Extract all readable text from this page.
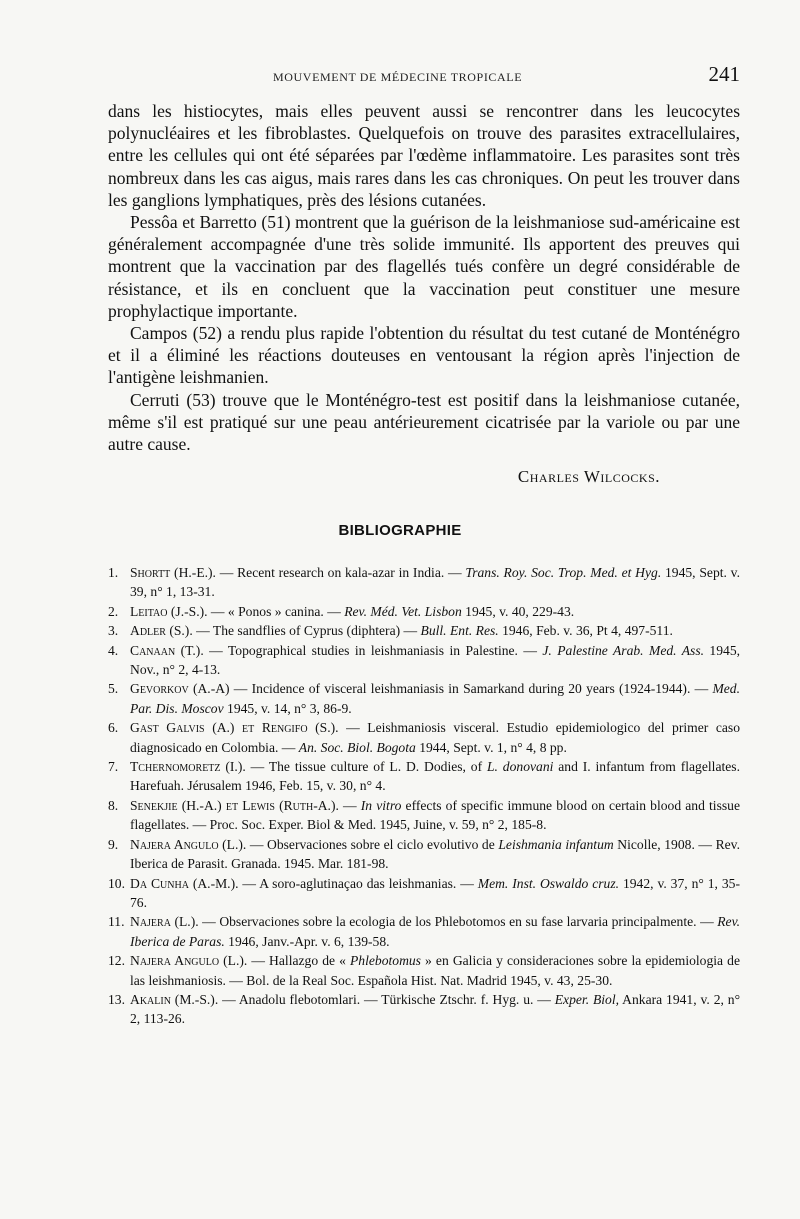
MOUVEMENT DE MÉDECINE TROPICALE	241

dans les histiocytes, mais elles peuvent aussi se rencontrer dans les leucocytes polynucléaires et les fibroblastes. Quelquefois on trouve des parasites extracellulaires, entre les cellules qui ont été séparées par l'œdème inflammatoire. Les parasites sont très nombreux dans les cas aigus, mais rares dans les cas chroniques. On peut les trouver dans les ganglions lymphatiques, près des lésions cutanées.

Pessôa et Barretto (51) montrent que la guérison de la leishmaniose sud-américaine est généralement accompagnée d'une très solide immunité. Ils apportent des preuves qui montrent que la vaccination par des flagellés tués confère un degré considérable de résistance, et ils en concluent que la vaccination peut constituer une mesure prophylactique importante.

Campos (52) a rendu plus rapide l'obtention du résultat du test cutané de Monténégro et il a éliminé les réactions douteuses en ventousant la région après l'injection de l'antigène leishmanien.

Cerruti (53) trouve que le Monténégro-test est positif dans la leishmaniose cutanée, même s'il est pratiqué sur une peau antérieurement cicatrisée par la variole ou par une autre cause.

Charles Wilcocks.
BIBLIOGRAPHIE
1. Shortt (H.-E.). — Recent research on kala-azar in India. — Trans. Roy. Soc. Trop. Med. et Hyg. 1945, Sept. v. 39, n° 1, 13-31.
2. Leitao (J.-S.). — « Ponos » canina. — Rev. Méd. Vet. Lisbon 1945, v. 40, 229-43.
3. Adler (S.). — The sandflies of Cyprus (diphtera) — Bull. Ent. Res. 1946, Feb. v. 36, Pt 4, 497-511.
4. Canaan (T.). — Topographical studies in leishmaniasis in Palestine. — J. Palestine Arab. Med. Ass. 1945, Nov., n° 2, 4-13.
5. Gevorkov (A.-A) — Incidence of visceral leishmaniasis in Samarkand during 20 years (1924-1944). — Med. Par. Dis. Moscov 1945, v. 14, n° 3, 86-9.
6. Gast Galvis (A.) et Rengifo (S.). — Leishmaniosis visceral. Estudio epidemiologico del primer caso diagnosicado en Colombia. — An. Soc. Biol. Bogota 1944, Sept. v. 1, n° 4, 8 pp.
7. Tchernomoretz (I.). — The tissue culture of L. D. Dodies, of L. donovani and I. infantum from flagellates. Harefuah. Jérusalem 1946, Feb. 15, v. 30, n° 4.
8. Senekjie (H.-A.) et Lewis (Ruth-A.). — In vitro effects of specific immune blood on certain blood and tissue flagellates. — Proc. Soc. Exper. Biol & Med. 1945, Juine, v. 59, n° 2, 185-8.
9. Najera Angulo (L.). — Observaciones sobre el ciclo evolutivo de Leishmania infantum Nicolle, 1908. — Rev. Iberica de Parasit. Granada. 1945. Mar. 181-98.
10. Da Cunha (A.-M.). — A soro-aglutinaçao das leishmanias. — Mem. Inst. Oswaldo cruz. 1942, v. 37, n° 1, 35-76.
11. Najera (L.). — Observaciones sobre la ecologia de los Phlebotomos en su fase larvaria principalmente. — Rev. Iberica de Paras. 1946, Janv.-Apr. v. 6, 139-58.
12. Najera Angulo (L.). — Hallazgo de « Phlebotomus » en Galicia y consideraciones sobre la epidemiologia de las leishmaniosis. — Bol. de la Real Soc. Española Hist. Nat. Madrid 1945, v. 43, 25-30.
13. Akalin (M.-S.). — Anadolu flebotomlari. — Türkische Ztschr. f. Hyg. u. — Exper. Biol, Ankara 1941, v. 2, n° 2, 113-26.
